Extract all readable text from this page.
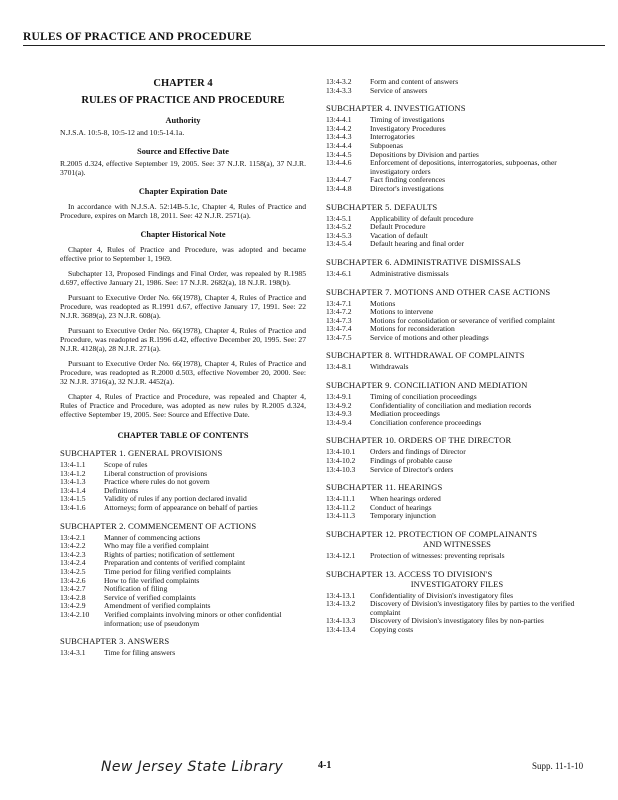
RULES OF PRACTICE AND PROCEDURE
CHAPTER 4
RULES OF PRACTICE AND PROCEDURE
Authority
N.J.S.A. 10:5-8, 10:5-12 and 10:5-14.1a.
Source and Effective Date
R.2005 d.324, effective September 19, 2005. See: 37 N.J.R. 1158(a), 37 N.J.R. 3701(a).
Chapter Expiration Date
In accordance with N.J.S.A. 52:14B-5.1c, Chapter 4, Rules of Practice and Procedure, expires on March 18, 2011. See: 42 N.J.R. 2571(a).
Chapter Historical Note
Chapter 4, Rules of Practice and Procedure, was adopted and became effective prior to September 1, 1969.
Subchapter 13, Proposed Findings and Final Order, was repealed by R.1985 d.697, effective January 21, 1986. See: 17 N.J.R. 2682(a), 18 N.J.R. 198(b).
Pursuant to Executive Order No. 66(1978), Chapter 4, Rules of Practice and Procedure, was readopted as R.1991 d.67, effective January 17, 1991. See: 22 N.J.R. 3689(a), 23 N.J.R. 608(a).
Pursuant to Executive Order No. 66(1978), Chapter 4, Rules of Practice and Procedure, was readopted as R.1996 d.42, effective December 20, 1995. See: 27 N.J.R. 4128(a), 28 N.J.R. 271(a).
Pursuant to Executive Order No. 66(1978), Chapter 4, Rules of Practice and Procedure, was readopted as R.2000 d.503, effective November 20, 2000. See: 32 N.J.R. 3716(a), 32 N.J.R. 4452(a).
Chapter 4, Rules of Practice and Procedure, was repealed and Chapter 4, Rules of Practice and Procedure, was adopted as new rules by R.2005 d.324, effective September 19, 2005. See: Source and Effective Date.
CHAPTER TABLE OF CONTENTS
SUBCHAPTER 1. GENERAL PROVISIONS
13:4-1.1	Scope of rules
13:4-1.2	Liberal construction of provisions
13:4-1.3	Practice where rules do not govern
13:4-1.4	Definitions
13:4-1.5	Validity of rules if any portion declared invalid
13:4-1.6	Attorneys; form of appearance on behalf of parties
SUBCHAPTER 2. COMMENCEMENT OF ACTIONS
13:4-2.1	Manner of commencing actions
13:4-2.2	Who may file a verified complaint
13:4-2.3	Rights of parties; notification of settlement
13:4-2.4	Preparation and contents of verified complaint
13:4-2.5	Time period for filing verified complaints
13:4-2.6	How to file verified complaints
13:4-2.7	Notification of filing
13:4-2.8	Service of verified complaints
13:4-2.9	Amendment of verified complaints
13:4-2.10	Verified complaints involving minors or other confidential information; use of pseudonym
SUBCHAPTER 3. ANSWERS
13:4-3.1	Time for filing answers
13:4-3.2	Form and content of answers
13:4-3.3	Service of answers
SUBCHAPTER 4. INVESTIGATIONS
13:4-4.1	Timing of investigations
13:4-4.2	Investigatory Procedures
13:4-4.3	Interrogatories
13:4-4.4	Subpoenas
13:4-4.5	Depositions by Division and parties
13:4-4.6	Enforcement of depositions, interrogatories, subpoenas, other investigatory orders
13:4-4.7	Fact finding conferences
13:4-4.8	Director's investigations
SUBCHAPTER 5. DEFAULTS
13:4-5.1	Applicability of default procedure
13:4-5.2	Default Procedure
13:4-5.3	Vacation of default
13:4-5.4	Default hearing and final order
SUBCHAPTER 6. ADMINISTRATIVE DISMISSALS
13:4-6.1	Administrative dismissals
SUBCHAPTER 7. MOTIONS AND OTHER CASE ACTIONS
13:4-7.1	Motions
13:4-7.2	Motions to intervene
13:4-7.3	Motions for consolidation or severance of verified complaint
13:4-7.4	Motions for reconsideration
13:4-7.5	Service of motions and other pleadings
SUBCHAPTER 8. WITHDRAWAL OF COMPLAINTS
13:4-8.1	Withdrawals
SUBCHAPTER 9. CONCILIATION AND MEDIATION
13:4-9.1	Timing of conciliation proceedings
13:4-9.2	Confidentiality of conciliation and mediation records
13:4-9.3	Mediation proceedings
13:4-9.4	Conciliation conference proceedings
SUBCHAPTER 10. ORDERS OF THE DIRECTOR
13:4-10.1	Orders and findings of Director
13:4-10.2	Findings of probable cause
13:4-10.3	Service of Director's orders
SUBCHAPTER 11. HEARINGS
13:4-11.1	When hearings ordered
13:4-11.2	Conduct of hearings
13:4-11.3	Temporary injunction
SUBCHAPTER 12. PROTECTION OF COMPLAINANTS
AND WITNESSES
13:4-12.1	Protection of witnesses: preventing reprisals
SUBCHAPTER 13. ACCESS TO DIVISION'S
INVESTIGATORY FILES
13:4-13.1	Confidentiality of Division's investigatory files
13:4-13.2	Discovery of Division's investigatory files by parties to the verified complaint
13:4-13.3	Discovery of Division's investigatory files by non-parties
13:4-13.4	Copying costs
New Jersey State Library	4-1	Supp. 11-1-10
